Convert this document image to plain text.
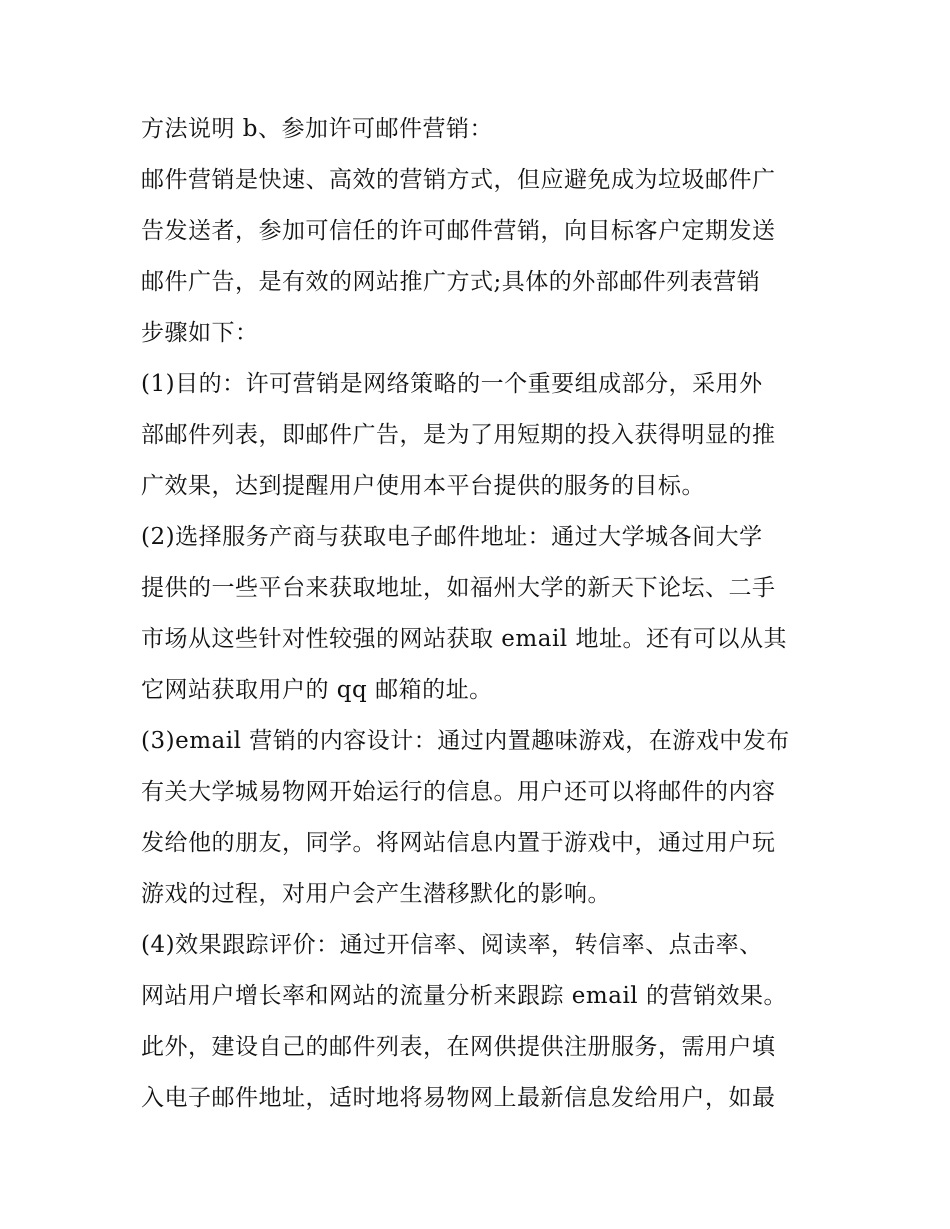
方法说明 b、参加许可邮件营销：
邮件营销是快速、高效的营销方式，但应避免成为垃圾邮件广
告发送者，参加可信任的许可邮件营销，向目标客户定期发送
邮件广告，是有效的网站推广方式;具体的外部邮件列表营销
步骤如下：
(1)目的：许可营销是网络策略的一个重要组成部分，采用外
部邮件列表，即邮件广告，是为了用短期的投入获得明显的推
广效果，达到提醒用户使用本平台提供的服务的目标。
(2)选择服务产商与获取电子邮件地址：通过大学城各间大学
提供的一些平台来获取地址，如福州大学的新天下论坛、二手
市场从这些针对性较强的网站获取 email 地址。还有可以从其
它网站获取用户的 qq 邮箱的址。
(3)email 营销的内容设计：通过内置趣味游戏，在游戏中发布
有关大学城易物网开始运行的信息。用户还可以将邮件的内容
发给他的朋友，同学。将网站信息内置于游戏中，通过用户玩
游戏的过程，对用户会产生潜移默化的影响。
(4)效果跟踪评价：通过开信率、阅读率，转信率、点击率、
网站用户增长率和网站的流量分析来跟踪 email 的营销效果。
此外，建设自己的邮件列表，在网供提供注册服务，需用户填
入电子邮件地址，适时地将易物网上最新信息发给用户，如最
